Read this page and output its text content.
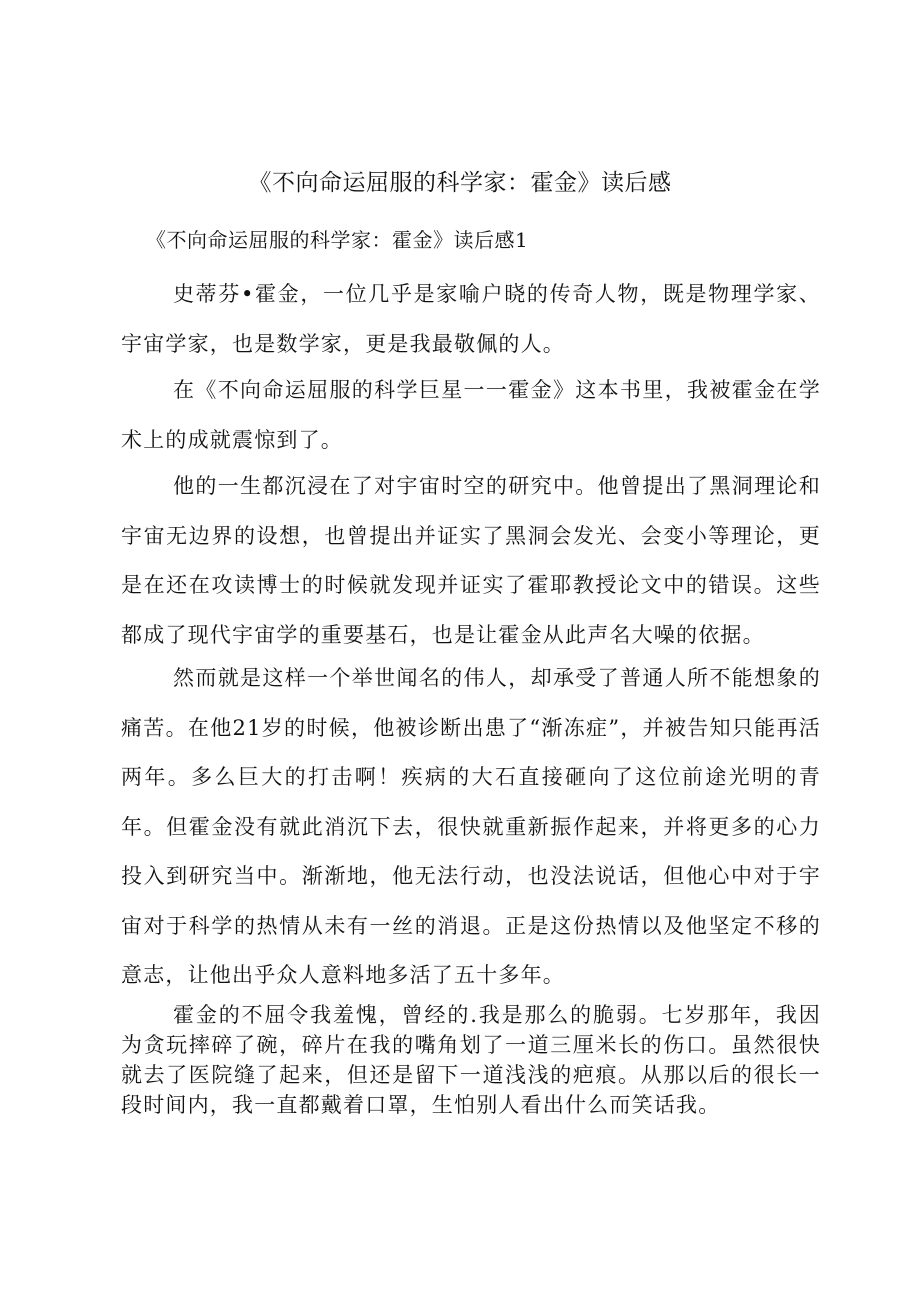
《不向命运屈服的科学家：霍金》读后感
《不向命运屈服的科学家：霍金》读后感1

史蒂芬•霍金，一位几乎是家喻户晓的传奇人物，既是物理学家、宇宙学家，也是数学家，更是我最敬佩的人。

在《不向命运屈服的科学巨星一一霍金》这本书里，我被霍金在学术上的成就震惊到了。

他的一生都沉浸在了对宇宙时空的研究中。他曾提出了黑洞理论和宇宙无边界的设想，也曾提出并证实了黑洞会发光、会变小等理论，更是在还在攻读博士的时候就发现并证实了霍耶教授论文中的错误。这些都成了现代宇宙学的重要基石，也是让霍金从此声名大噪的依据。

然而就是这样一个举世闻名的伟人，却承受了普通人所不能想象的痛苦。在他21岁的时候，他被诊断出患了“渐冻症”，并被告知只能再活两年。多么巨大的打击啊！疾病的大石直接砸向了这位前途光明的青年。但霍金没有就此消沉下去，很快就重新振作起来，并将更多的心力投入到研究当中。渐渐地，他无法行动，也没法说话，但他心中对于宇宙对于科学的热情从未有一丝的消退。正是这份热情以及他坚定不移的意志，让他出乎众人意料地多活了五十多年。

霍金的不屈令我羞愧，曾经的.我是那么的脆弱。七岁那年，我因为贪玩摔碎了碗，碎片在我的嘴角划了一道三厘米长的伤口。虽然很快就去了医院缝了起来，但还是留下一道浅浅的疤痕。从那以后的很长一段时间内，我一直都戴着口罩，生怕别人看出什么而笑话我。
